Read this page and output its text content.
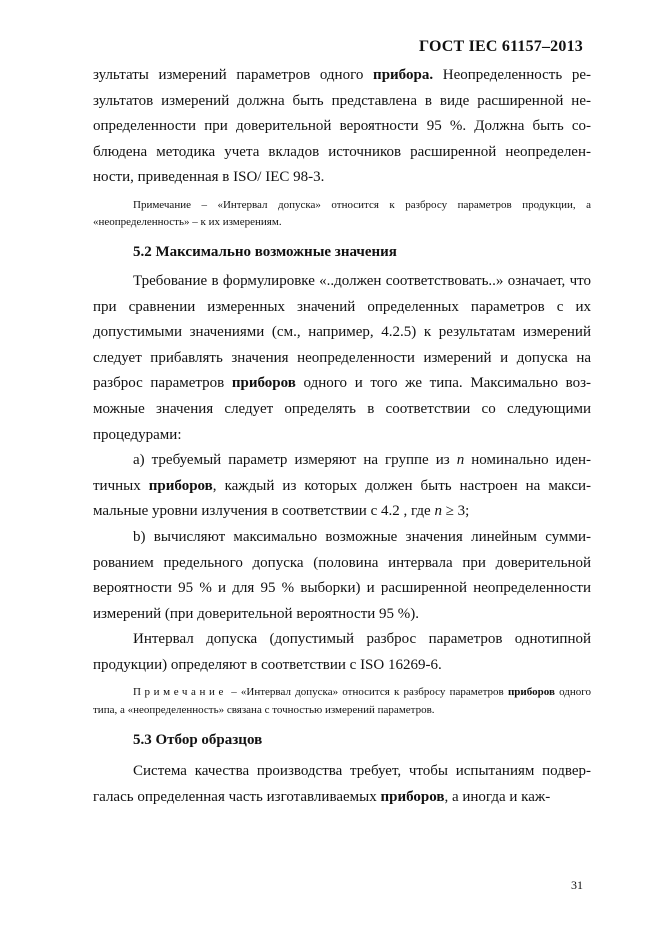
ГОСТ IEC 61157–2013

зультаты измерений параметров одного прибора. Неопределенность результатов измерений должна быть представлена в виде расширенной неопределенности при доверительной вероятности 95 %. Должна быть соблюдена методика учета вкладов источников расширенной неопределенности, приведенная в ISO/ IEC 98-3.

Примечание – «Интервал допуска» относится к разбросу параметров продукции, а «неопределенность» – к их измерениям.

5.2 Максимально возможные значения

Требование в формулировке «..должен соответствовать..» означает, что при сравнении измеренных значений определенных параметров с их допустимыми значениями (см., например, 4.2.5) к результатам измерений следует прибавлять значения неопределенности измерений и допуска на разброс параметров приборов одного и того же типа. Максимально возможные значения следует определять в соответствии со следующими процедурами:

а) требуемый параметр измеряют на группе из n номинально идентичных приборов, каждый из которых должен быть настроен на максимальные уровни излучения в соответствии с 4.2 , где n ≥ 3;

b) вычисляют максимально возможные значения линейным суммированием предельного допуска (половина интервала при доверительной вероятности 95 % и для 95 % выборки) и расширенной неопределенности измерений (при доверительной вероятности 95 %).

Интервал допуска (допустимый разброс параметров однотипной продукции) определяют в соответствии с ISO 16269-6.

Примечание – «Интервал допуска» относится к разбросу параметров приборов одного типа, а «неопределенность» связана с точностью измерений параметров.

5.3 Отбор образцов

Система качества производства требует, чтобы испытаниям подвергалась определенная часть изготавливаемых приборов, а иногда и каж-

31
